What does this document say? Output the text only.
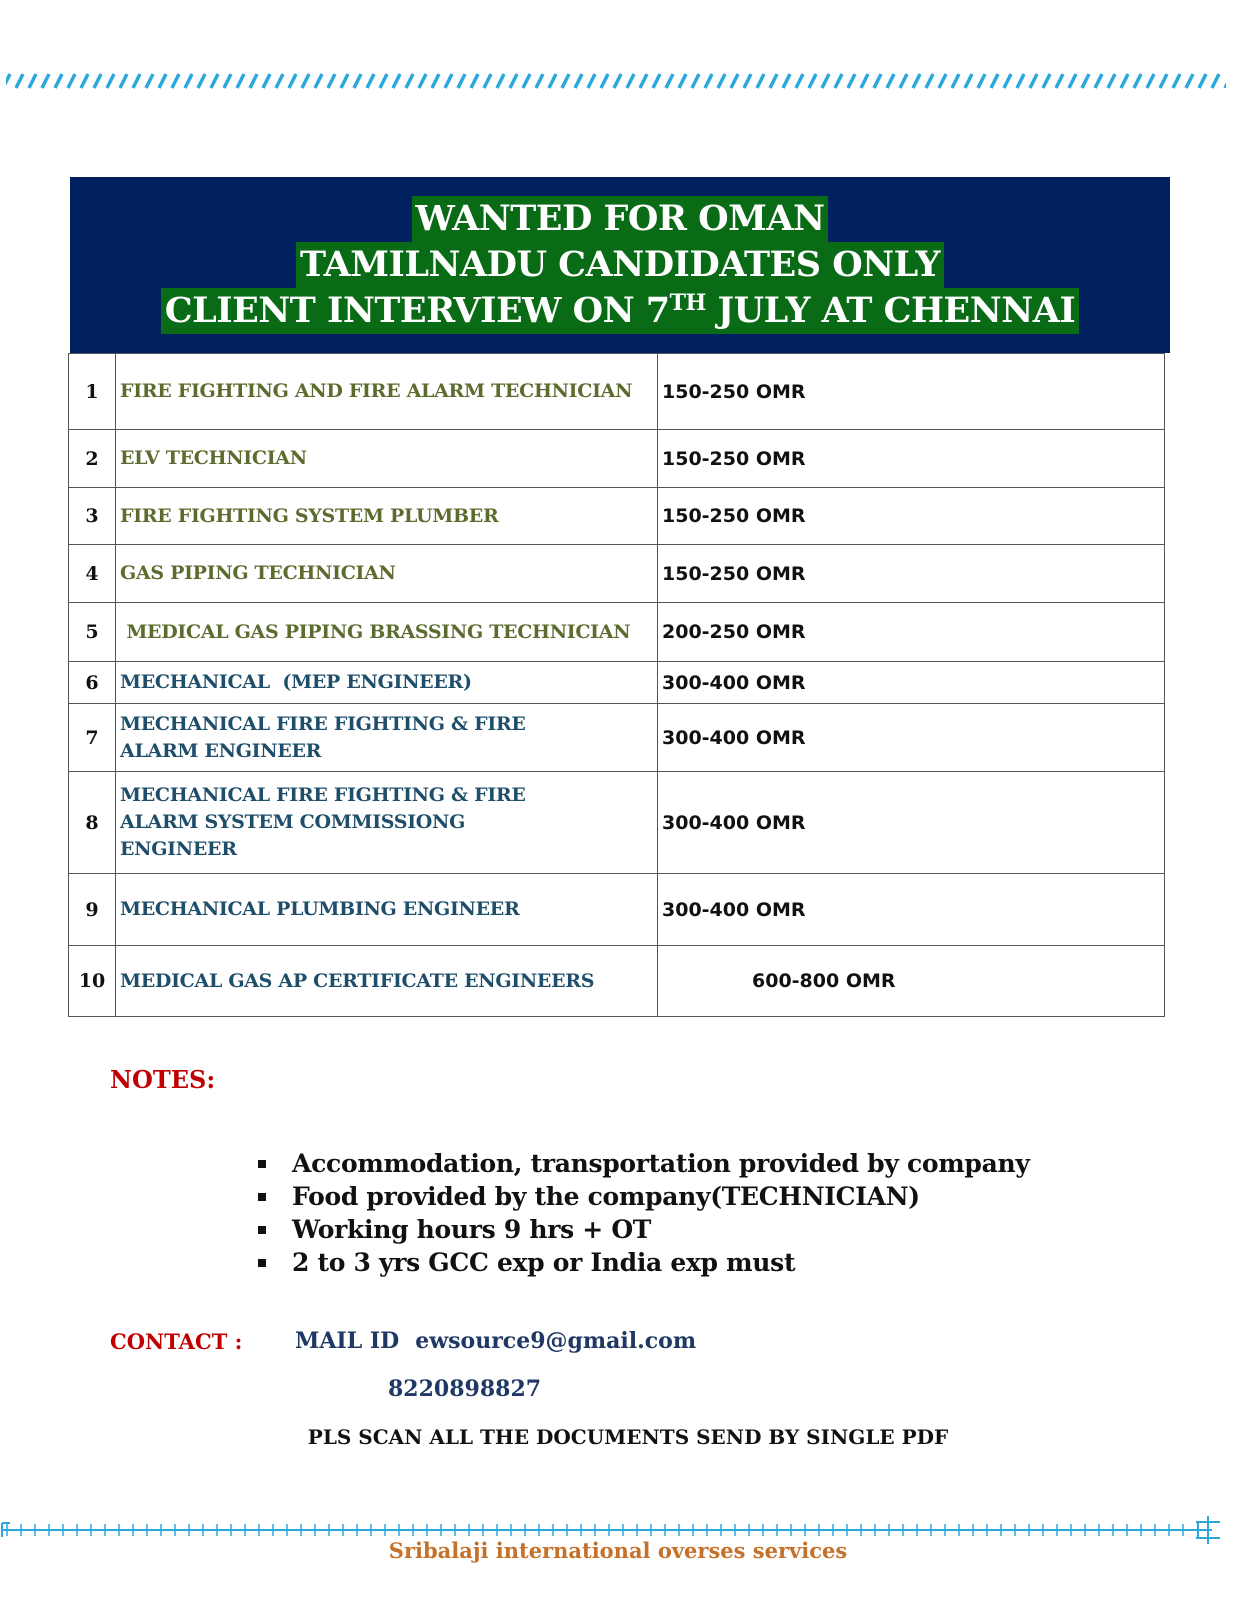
WANTED FOR OMAN
TAMILNADU CANDIDATES ONLY
CLIENT INTERVIEW ON 7TH JULY AT CHENNAI
1	FIRE FIGHTING AND FIRE ALARM TECHNICIAN	150-250 OMR
2	ELV TECHNICIAN	150-250 OMR
3	FIRE FIGHTING SYSTEM PLUMBER	150-250 OMR
4	GAS PIPING TECHNICIAN	150-250 OMR
5	MEDICAL GAS PIPING BRASSING TECHNICIAN	200-250 OMR
6	MECHANICAL  (MEP ENGINEER)	300-400 OMR
7	MECHANICAL FIRE FIGHTING & FIRE ALARM ENGINEER	300-400 OMR
8	MECHANICAL FIRE FIGHTING & FIRE ALARM SYSTEM COMMISSIONG ENGINEER	300-400 OMR
9	MECHANICAL PLUMBING ENGINEER	300-400 OMR
10	MEDICAL GAS AP CERTIFICATE ENGINEERS	600-800 OMR
NOTES:
Accommodation, transportation provided by company
Food provided by the company(TECHNICIAN)
Working hours 9 hrs + OT
2 to 3 yrs GCC exp or India exp must
CONTACT : MAIL ID ewsource9@gmail.com
8220898827
PLS SCAN ALL THE DOCUMENTS SEND BY SINGLE PDF
Sribalaji international overses services
